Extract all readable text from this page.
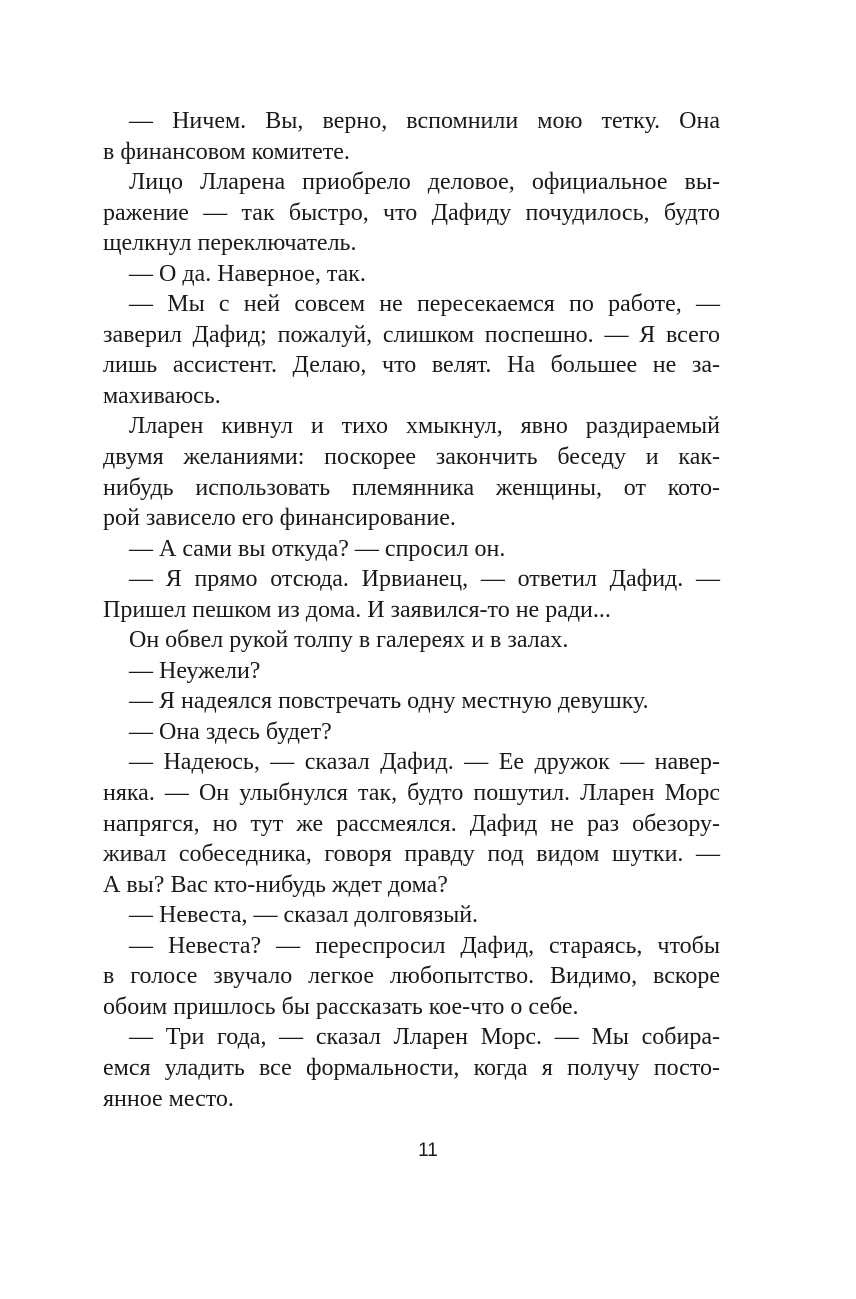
— Ничем. Вы, верно, вспомнили мою тетку. Она
в финансовом комитете.
Лицо Лларена приобрело деловое, официальное вы-
ражение — так быстро, что Дафиду почудилось, будто
щелкнул переключатель.
— О да. Наверное, так.
— Мы с ней совсем не пересекаемся по работе, —
заверил Дафид; пожалуй, слишком поспешно. — Я всего
лишь ассистент. Делаю, что велят. На большее не за-
махиваюсь.
Лларен кивнул и тихо хмыкнул, явно раздираемый
двумя желаниями: поскорее закончить беседу и как-
нибудь использовать племянника женщины, от кото-
рой зависело его финансирование.
— А сами вы откуда? — спросил он.
— Я прямо отсюда. Ирвианец, — ответил Дафид. —
Пришел пешком из дома. И заявился-то не ради...
Он обвел рукой толпу в галереях и в залах.
— Неужели?
— Я надеялся повстречать одну местную девушку.
— Она здесь будет?
— Надеюсь, — сказал Дафид. — Ее дружок — навер-
няка. — Он улыбнулся так, будто пошутил. Лларен Морс
напрягся, но тут же рассмеялся. Дафид не раз обезору-
живал собеседника, говоря правду под видом шутки. —
А вы? Вас кто-нибудь ждет дома?
— Невеста, — сказал долговязый.
— Невеста? — переспросил Дафид, стараясь, чтобы
в голосе звучало легкое любопытство. Видимо, вскоре
обоим пришлось бы рассказать кое-что о себе.
— Три года, — сказал Лларен Морс. — Мы собира-
емся уладить все формальности, когда я получу посто-
янное место.
11
